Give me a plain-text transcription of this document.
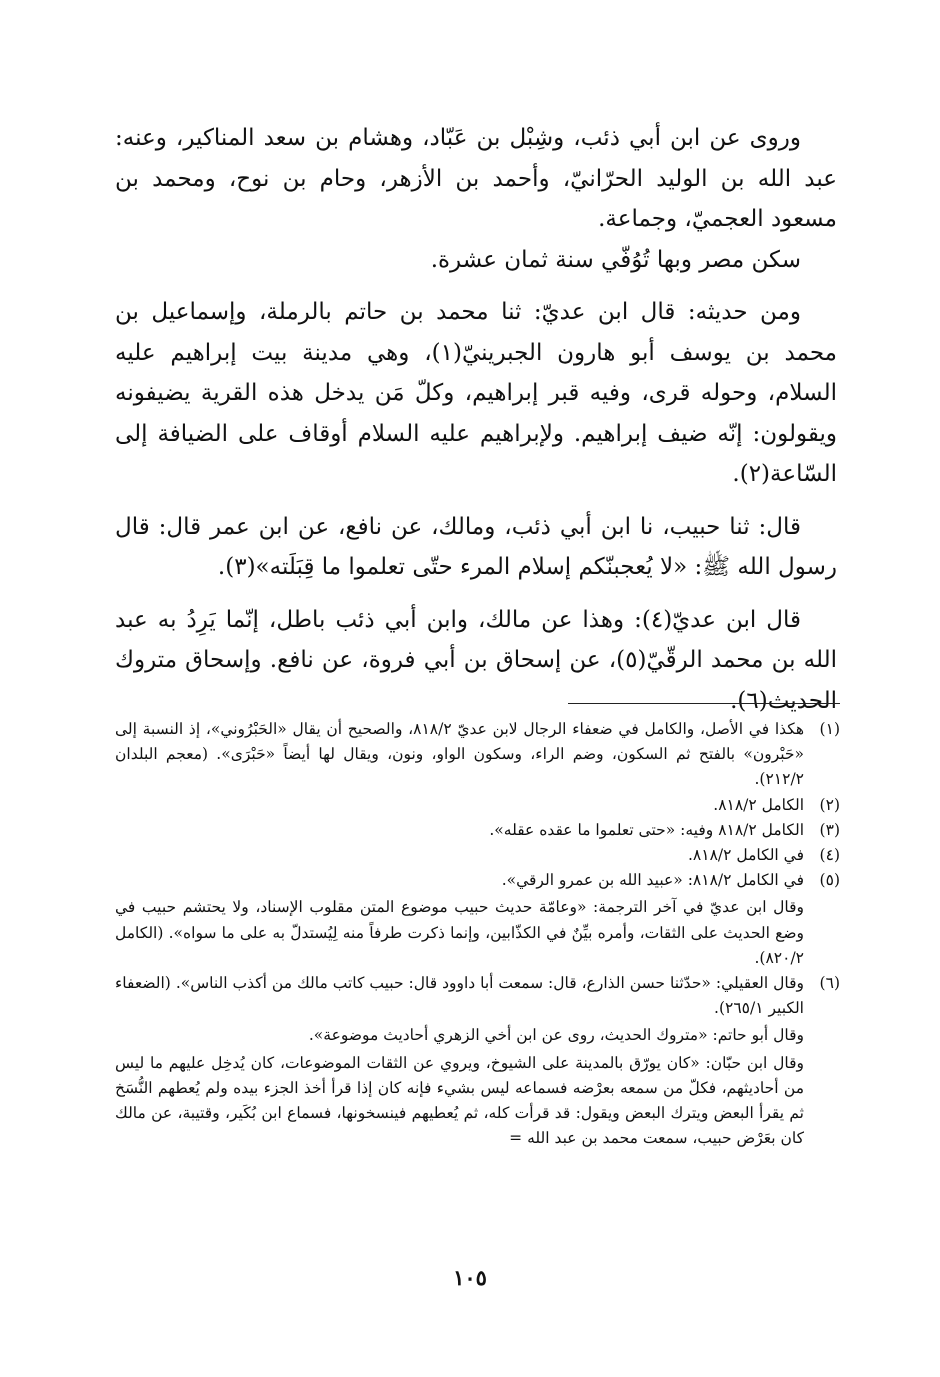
وروى عن ابن أبي ذئب، وشِبْل بن عَبّاد، وهشام بن سعد المناكير، وعنه: عبد الله بن الوليد الحرّانيّ، وأحمد بن الأزهر، وحام بن نوح، ومحمد بن مسعود العجميّ، وجماعة.

سكن مصر وبها تُوُفّي سنة ثمان عشرة.

ومن حديثه: قال ابن عديّ: ثنا محمد بن حاتم بالرملة، وإسماعيل بن محمد بن يوسف أبو هارون الجبرينيّ(١)، وهي مدينة بيت إبراهيم عليه السلام، وحوله قرى، وفيه قبر إبراهيم، وكلّ مَن يدخل هذه القرية يضيفونه ويقولون: إنّه ضيف إبراهيم. ولإبراهيم عليه السلام أوقاف على الضيافة إلى السّاعة(٢).

قال: ثنا حبيب، نا ابن أبي ذئب، ومالك، عن نافع، عن ابن عمر قال: قال رسول الله ﷺ: «لا يُعجبنّكم إسلام المرء حتّى تعلموا ما قِبَلَته»(٣).

قال ابن عديّ(٤): وهذا عن مالك، وابن أبي ذئب باطل، إنّما يَرِدُ به عبد الله بن محمد الرقّيّ(٥)، عن إسحاق بن أبي فروة، عن نافع. وإسحاق متروك الحديث(٦).

(١)

هكذا في الأصل، والكامل في ضعفاء الرجال لابن عديّ ٨١٨/٢، والصحيح أن يقال «الحَبْرُوني»، إذ النسبة إلى «حَبْرون» بالفتح ثم السكون، وضم الراء، وسكون الواو، ونون، ويقال لها أيضاً «حَبْرَى». (معجم البلدان ٢١٢/٢).

(٢)

الكامل ٨١٨/٢.

(٣)

الكامل ٨١٨/٢ وفيه: «حتى تعلموا ما عقده عقله».

(٤)

في الكامل ٨١٨/٢.

(٥)

في الكامل ٨١٨/٢: «عبيد الله بن عمرو الرقي».

وقال ابن عديّ في آخر الترجمة: «وعامّة حديث حبيب موضوع المتن مقلوب الإسناد، ولا يحتشم حبيب في وضع الحديث على الثقات، وأمره بيِّنٌ في الكذّابين، وإنما ذكرت طرفاً منه لِيُستدلّ به على ما سواه». (الكامل ٨٢٠/٢).

(٦)

وقال العقيلي: «حدّثنا حسن الذارع، قال: سمعت أبا داوود قال: حبيب كاتب مالك من أكذب الناس». (الضعفاء الكبير ٢٦٥/١).

وقال أبو حاتم: «متروك الحديث، روى عن ابن أخي الزهري أحاديث موضوعة».

وقال ابن حبّان: «كان يورّق بالمدينة على الشيوخ، ويروي عن الثقات الموضوعات، كان يُدخِل عليهم ما ليس من أحاديثهم، فكلّ من سمعه بعرْضه فسماعه ليس بشيء فإنه كان إذا قرأ أخذ الجزء بيده ولم يُعطهم النُّسَخ ثم يقرأ البعض ويترك البعض ويقول: قد قرأت كله، ثم يُعطيهم فينسخونها، فسماع ابن بُكَير، وقتيبة، عن مالك كان بعَرْض حبيب، سمعت محمد بن عبد الله =

١٠٥
